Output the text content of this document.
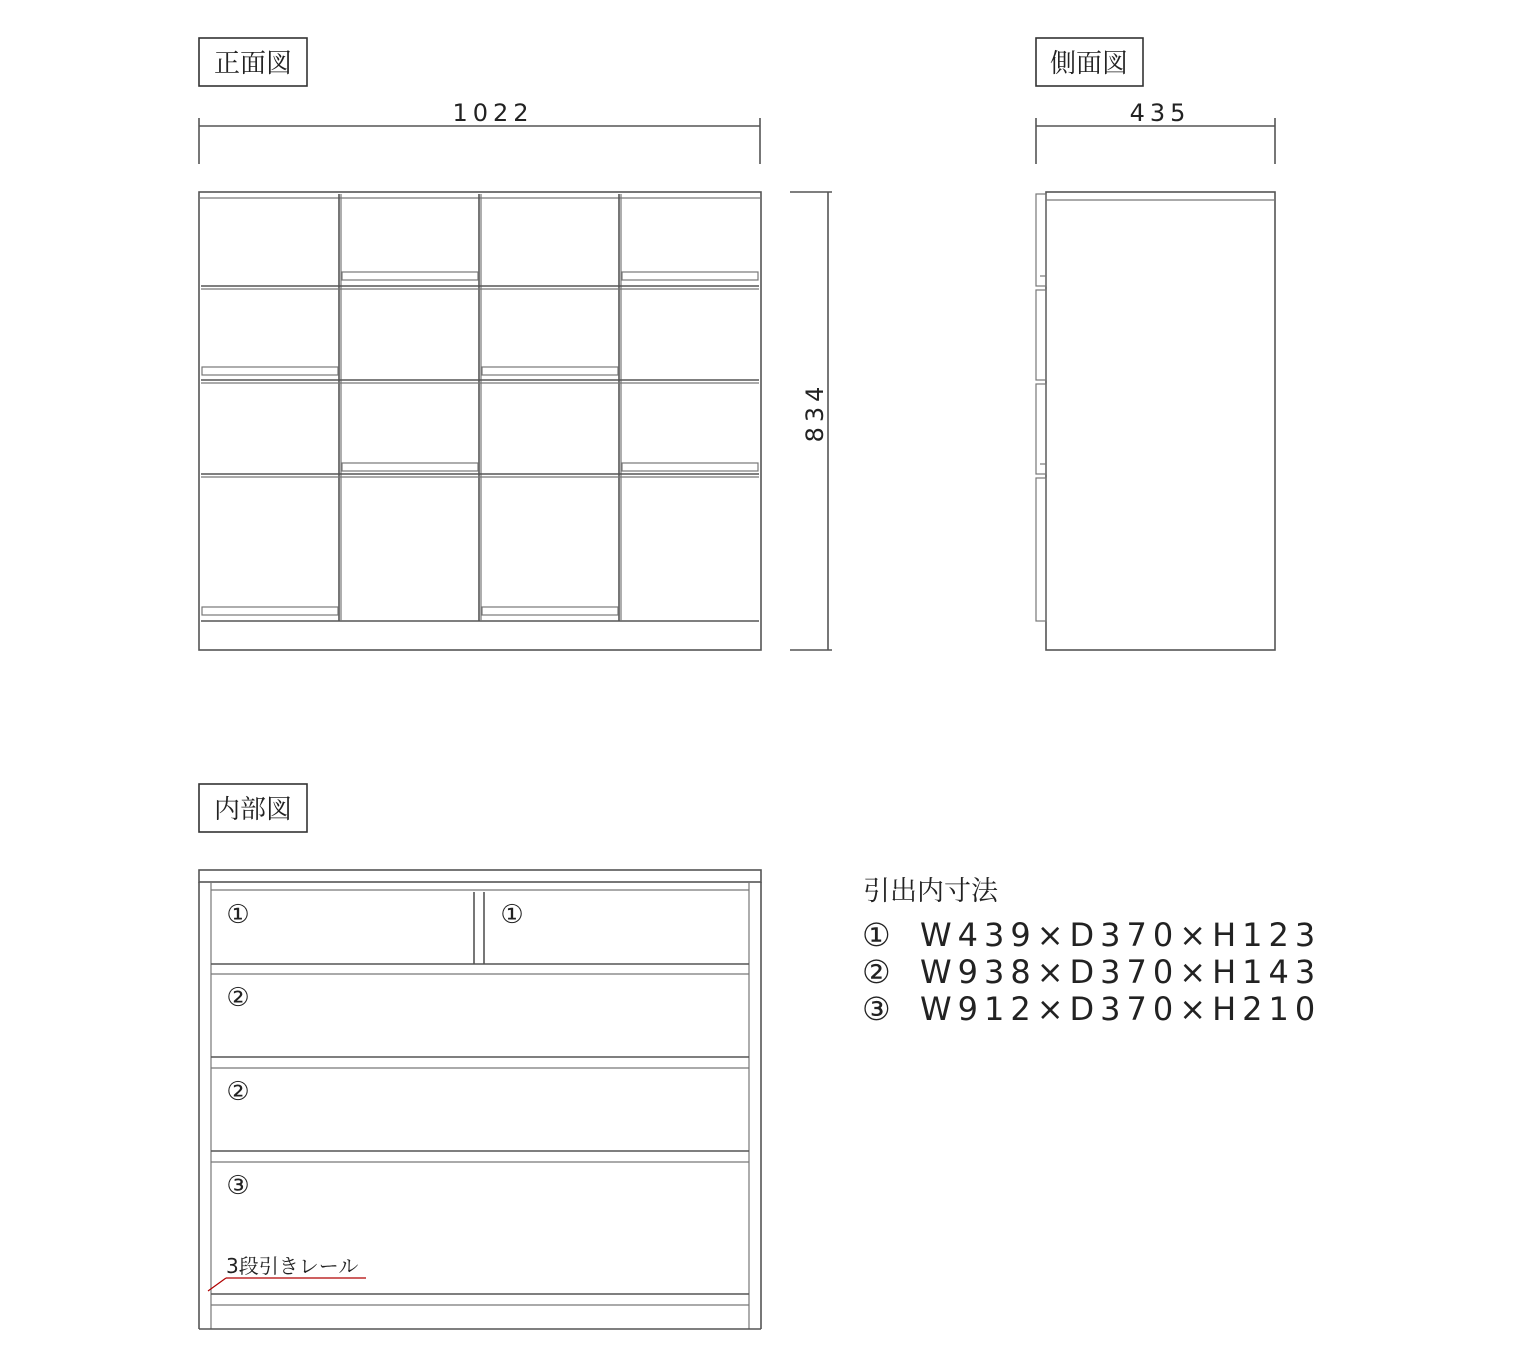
正面図
1022
834
側面図
435
内部図
①	①
②
②
③
3段引きレール
引出内寸法
① W439×D370×H123
② W938×D370×H143
③ W912×D370×H210
